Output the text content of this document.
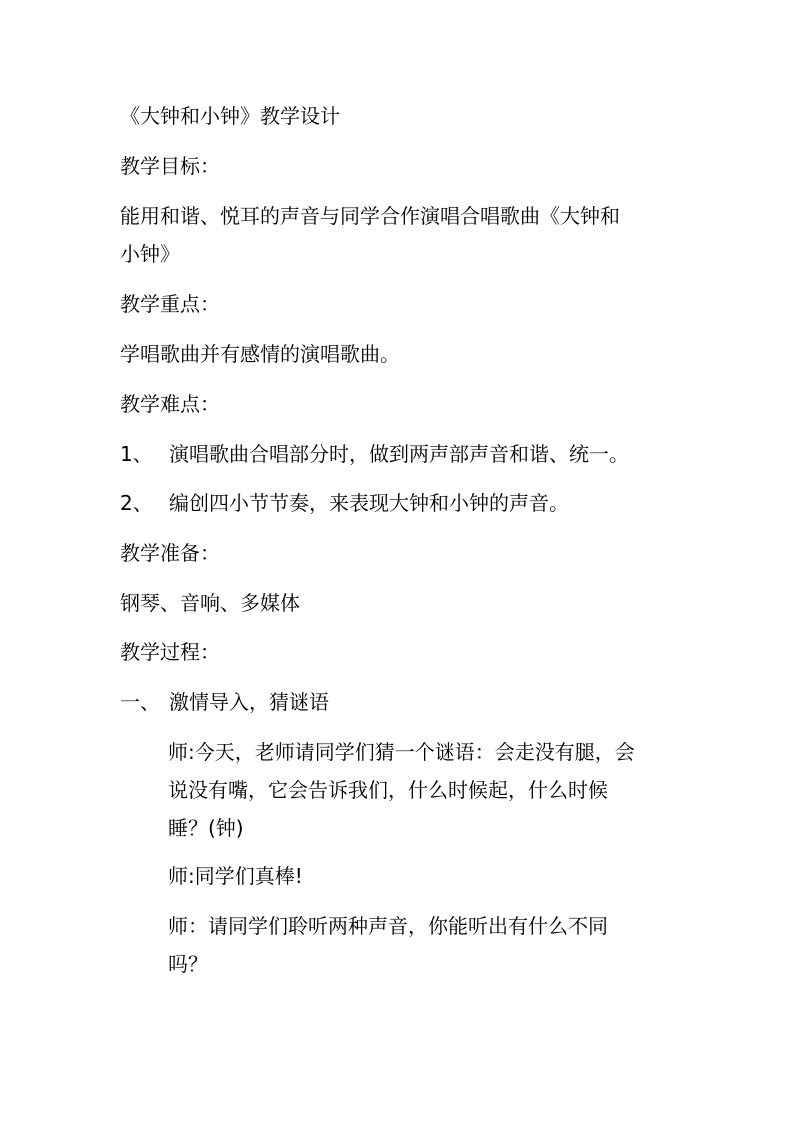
《大钟和小钟》教学设计
教学目标：
能用和谐、悦耳的声音与同学合作演唱合唱歌曲《大钟和
小钟》
教学重点：
学唱歌曲并有感情的演唱歌曲。
教学难点：
1、 演唱歌曲合唱部分时，做到两声部声音和谐、统一。
2、 编创四小节节奏，来表现大钟和小钟的声音。
教学准备：
钢琴、音响、多媒体
教学过程：
一、 激情导入，猜谜语
师:今天，老师请同学们猜一个谜语：会走没有腿，会
说没有嘴，它会告诉我们，什么时候起，什么时候
睡？(钟)
师:同学们真棒!
师：请同学们聆听两种声音，你能听出有什么不同
吗？
